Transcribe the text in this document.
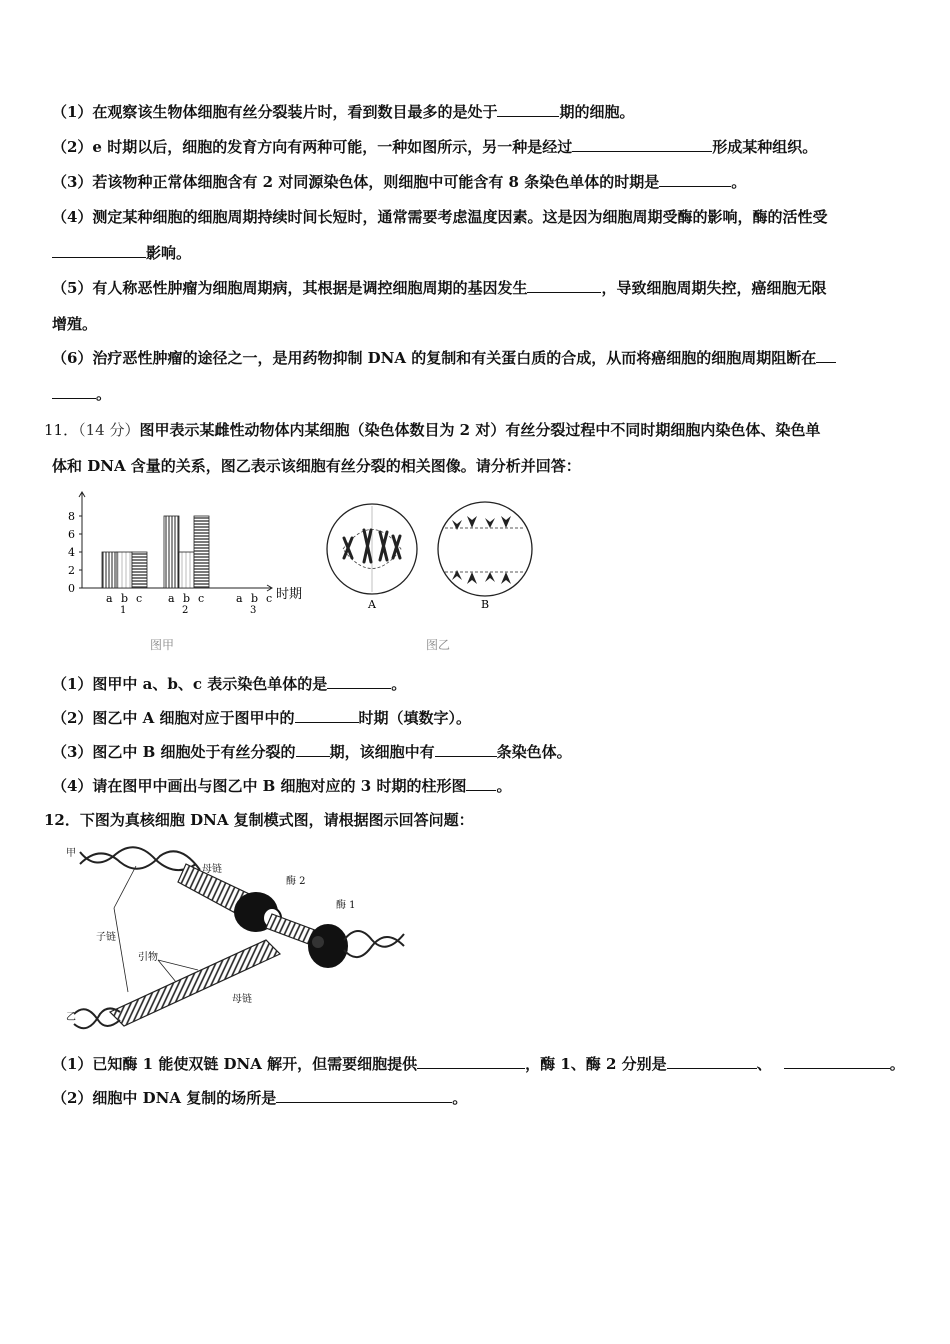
（1）在观察该生物体细胞有丝分裂装片时，看到数目最多的是处于	期的细胞。
（2）e 时期以后，细胞的发育方向有两种可能，一种如图所示，另一种是经过	形成某种组织。
（3）若该物种正常体细胞含有 2 对同源染色体，则细胞中可能含有 8 条染色单体的时期是	。
（4）测定某种细胞的细胞周期持续时间长短时，通常需要考虑温度因素。这是因为细胞周期受酶的影响，酶的活性受
影响。
（5）有人称恶性肿瘤为细胞周期病，其根据是调控细胞周期的基因发生	，导致细胞周期失控，癌细胞无限
增殖。
（6）治疗恶性肿瘤的途径之一，是用药物抑制 DNA 的复制和有关蛋白质的合成，从而将癌细胞的细胞周期阻断在
。
11．（14 分）图甲表示某雌性动物体内某细胞（染色体数目为 2 对）有丝分裂过程中不同时期细胞内染色体、染色单
体和 DNA 含量的关系，图乙表示该细胞有丝分裂的相关图像。请分析并回答：
0
2
4
6
8
a b c
1
a b c
2
a b c
3
时期
图甲
A	B
图乙
（1）图甲中 a、b、c 表示染色单体的是	。
（2）图乙中 A 细胞对应于图甲中的	时期（填数字）。
（3）图乙中 B 细胞处于有丝分裂的 期，该细胞中有	条染色体。
（4）请在图甲中画出与图乙中 B 细胞对应的 3 时期的柱形图 。
12．下图为真核细胞 DNA 复制模式图，请根据图示回答问题：
甲
乙
母链
酶 2
酶 1
子链
引物
母链
（1）已知酶 1 能使双链 DNA 解开，但需要细胞提供	，酶 1、酶 2 分别是	、	。
（2）细胞中 DNA 复制的场所是	。
